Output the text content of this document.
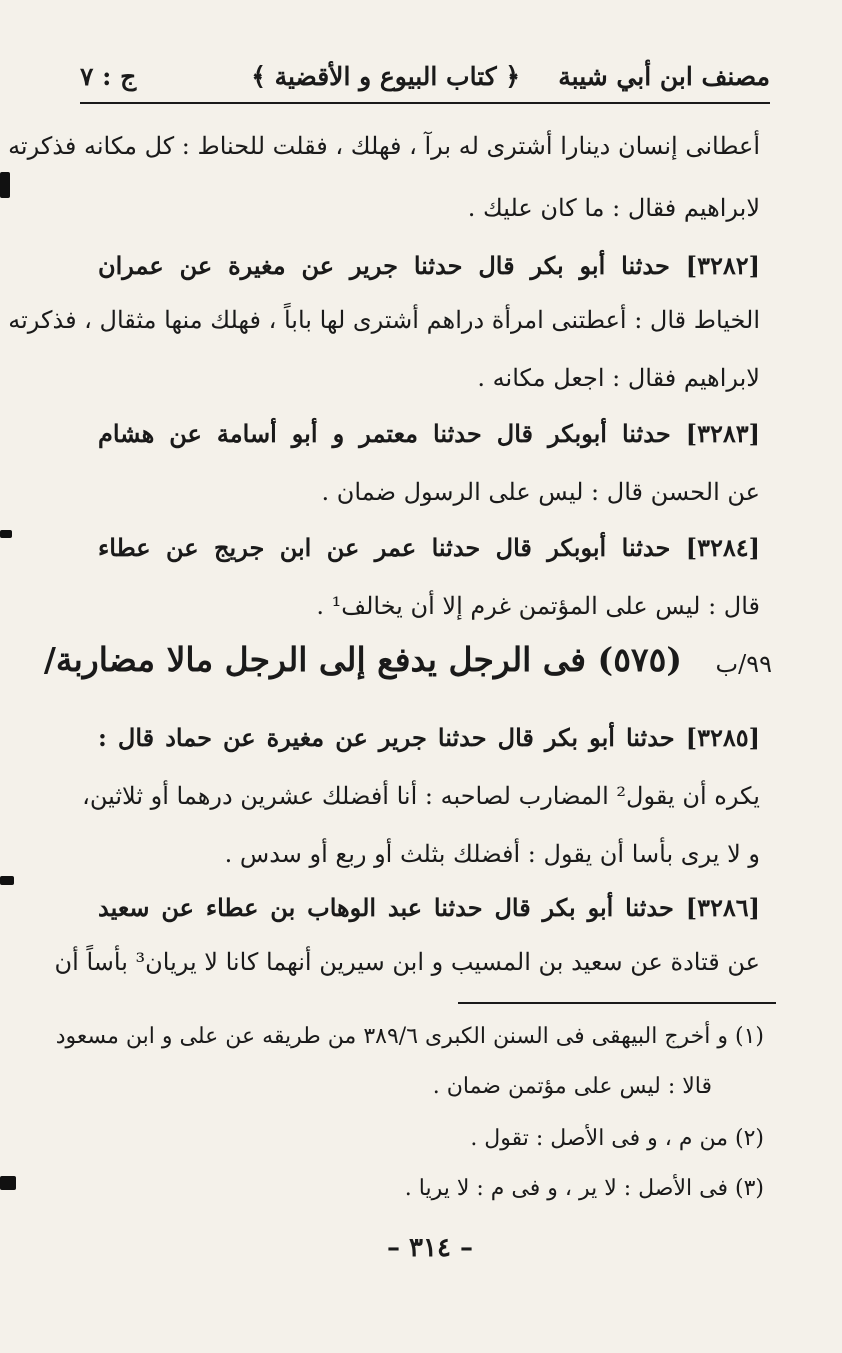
مصنف ابن أبي شيبة
﴿ كتاب البيوع و الأقضية ﴾
ج : ٧
أعطانى إنسان دينارا أشترى له برآ ، فهلك ، فقلت للحناط : كل مكانه فذكرته
لابراهيم فقال : ما كان عليك .
[٣٢٨٢] حدثنا أبو بكر قال حدثنا جرير عن مغيرة عن عمران
الخياط قال : أعطتنى امرأة دراهم أشترى لها باباً ، فهلك منها مثقال ، فذكرته
لابراهيم فقال : اجعل مكانه .
[٣٢٨٣] حدثنا أبوبكر قال حدثنا معتمر و أبو أسامة عن هشام
عن الحسن قال : ليس على الرسول ضمان .
[٣٢٨٤] حدثنا أبوبكر قال حدثنا عمر عن ابن جريج عن عطاء
قال : ليس على المؤتمن غرم إلا أن يخالف¹ .
٩٩/ب
(٥٧٥) فى الرجل يدفع إلى الرجل مالا مضاربة/
[٣٢٨٥] حدثنا أبو بكر قال حدثنا جرير عن مغيرة عن حماد قال :
يكره أن يقول² المضارب لصاحبه : أنا أفضلك عشرين درهما أو ثلاثين،
و لا يرى بأسا أن يقول : أفضلك بثلث أو ربع أو سدس .
[٣٢٨٦] حدثنا أبو بكر قال حدثنا عبد الوهاب بن عطاء عن سعيد
عن قتادة عن سعيد بن المسيب و ابن سيرين أنهما كانا لا يريان³ بأساً أن
(١) و أخرج البيهقى فى السنن الكبرى ٣٨٩/٦ من طريقه عن على و ابن مسعود
قالا : ليس على مؤتمن ضمان .
(٢) من م ، و فى الأصل : تقول .
(٣) فى الأصل : لا ير ، و فى م : لا يريا .
– ٣١٤ –
